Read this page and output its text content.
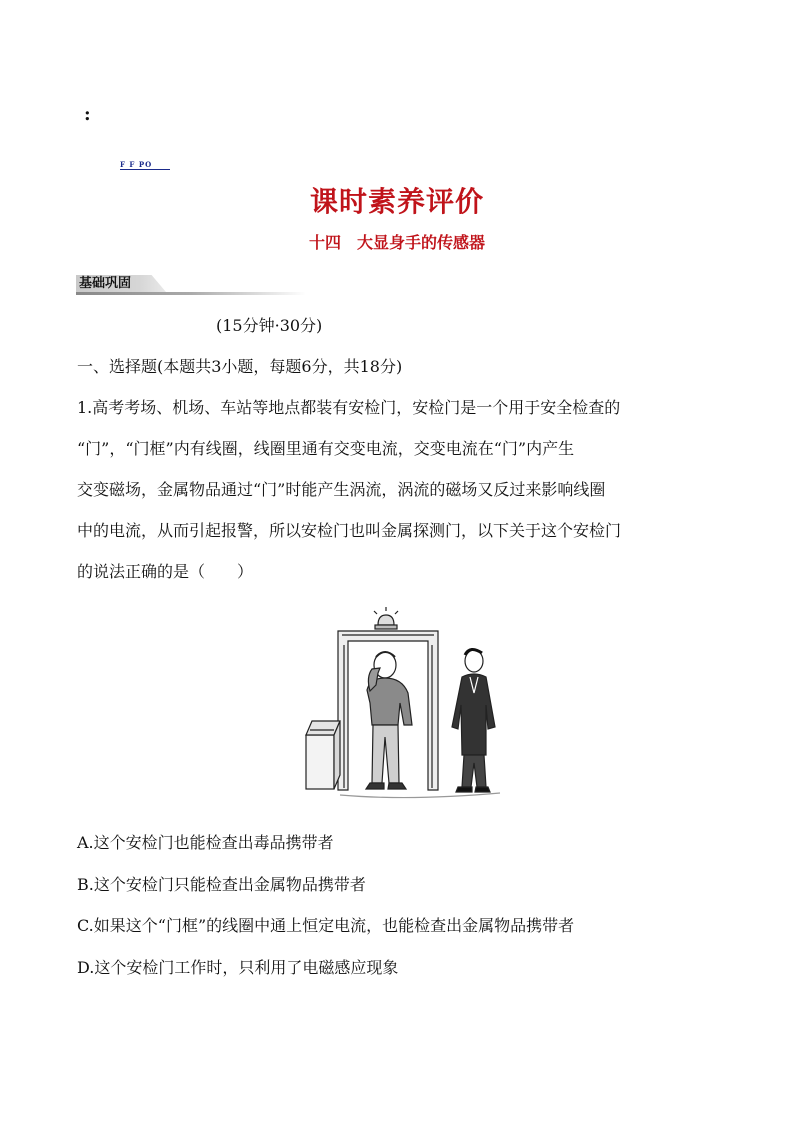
:
F F PO
课时素养评价
十四　大显身手的传感器
基础巩固
(15分钟·30分)
一、选择题(本题共3小题，每题6分，共18分)
1.高考考场、机场、车站等地点都装有安检门，安检门是一个用于安全检查的
“门”，“门框”内有线圈，线圈里通有交变电流，交变电流在“门”内产生
交变磁场，金属物品通过“门”时能产生涡流，涡流的磁场又反过来影响线圈
中的电流，从而引起报警，所以安检门也叫金属探测门，以下关于这个安检门
的说法正确的是（　　）
A.这个安检门也能检查出毒品携带者
B.这个安检门只能检查出金属物品携带者
C.如果这个“门框”的线圈中通上恒定电流，也能检查出金属物品携带者
D.这个安检门工作时，只利用了电磁感应现象
